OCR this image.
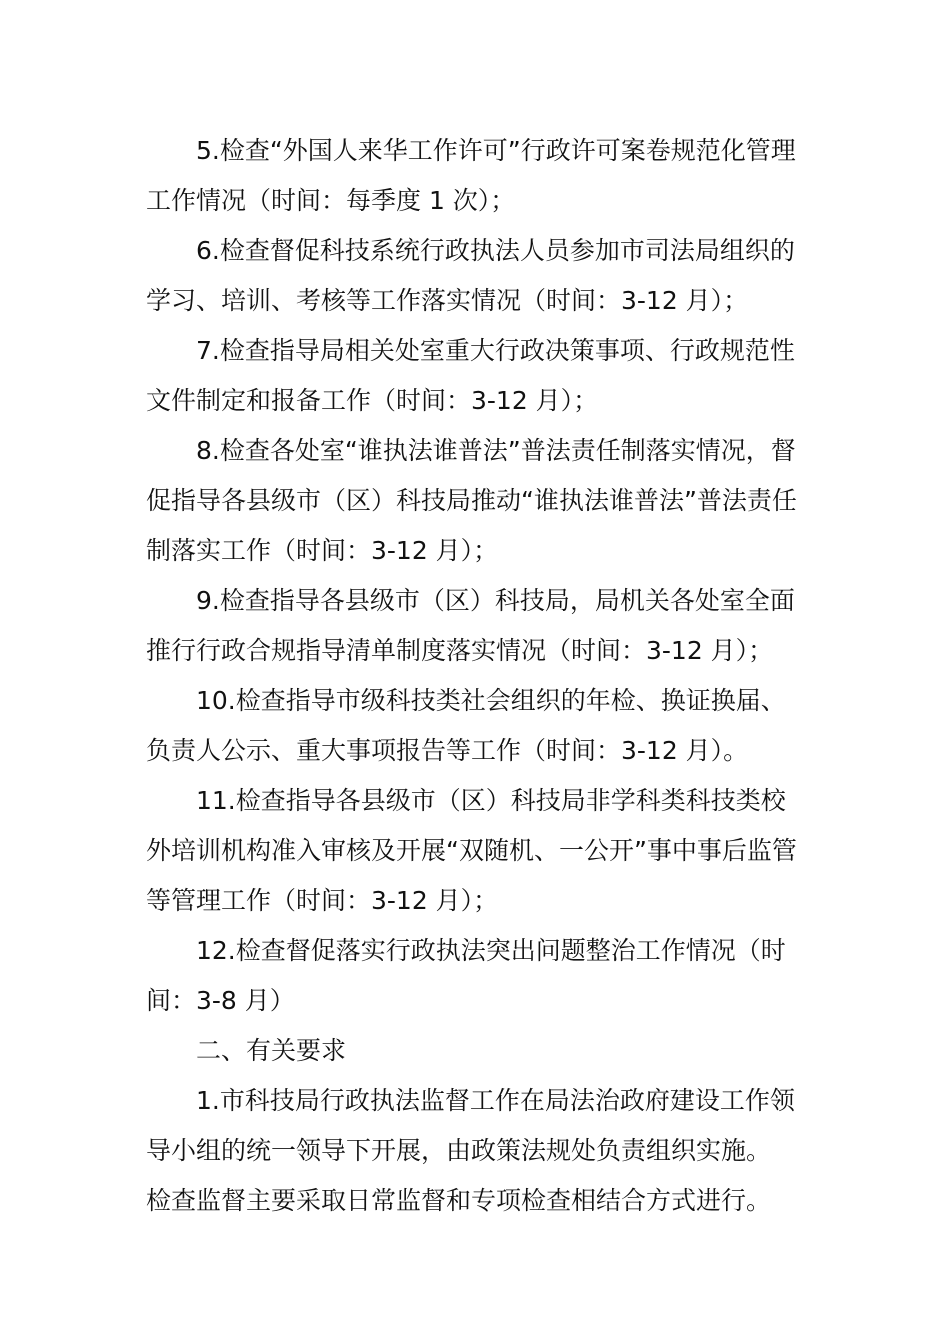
5.检查“外国人来华工作许可”行政许可案卷规范化管理
工作情况（时间：每季度 1 次）；
6.检查督促科技系统行政执法人员参加市司法局组织的
学习、培训、考核等工作落实情况（时间：3-12 月）；
7.检查指导局相关处室重大行政决策事项、行政规范性
文件制定和报备工作（时间：3-12 月）；
8.检查各处室“谁执法谁普法”普法责任制落实情况，督
促指导各县级市（区）科技局推动“谁执法谁普法”普法责任
制落实工作（时间：3-12 月）；
9.检查指导各县级市（区）科技局，局机关各处室全面
推行行政合规指导清单制度落实情况（时间：3-12 月）；
10.检查指导市级科技类社会组织的年检、换证换届、
负责人公示、重大事项报告等工作（时间：3-12 月）。
11.检查指导各县级市（区）科技局非学科类科技类校
外培训机构准入审核及开展“双随机、一公开”事中事后监管
等管理工作（时间：3-12 月）；
12.检查督促落实行政执法突出问题整治工作情况（时
间：3-8 月）
二、有关要求
1.市科技局行政执法监督工作在局法治政府建设工作领
导小组的统一领导下开展，由政策法规处负责组织实施。
检查监督主要采取日常监督和专项检查相结合方式进行。
